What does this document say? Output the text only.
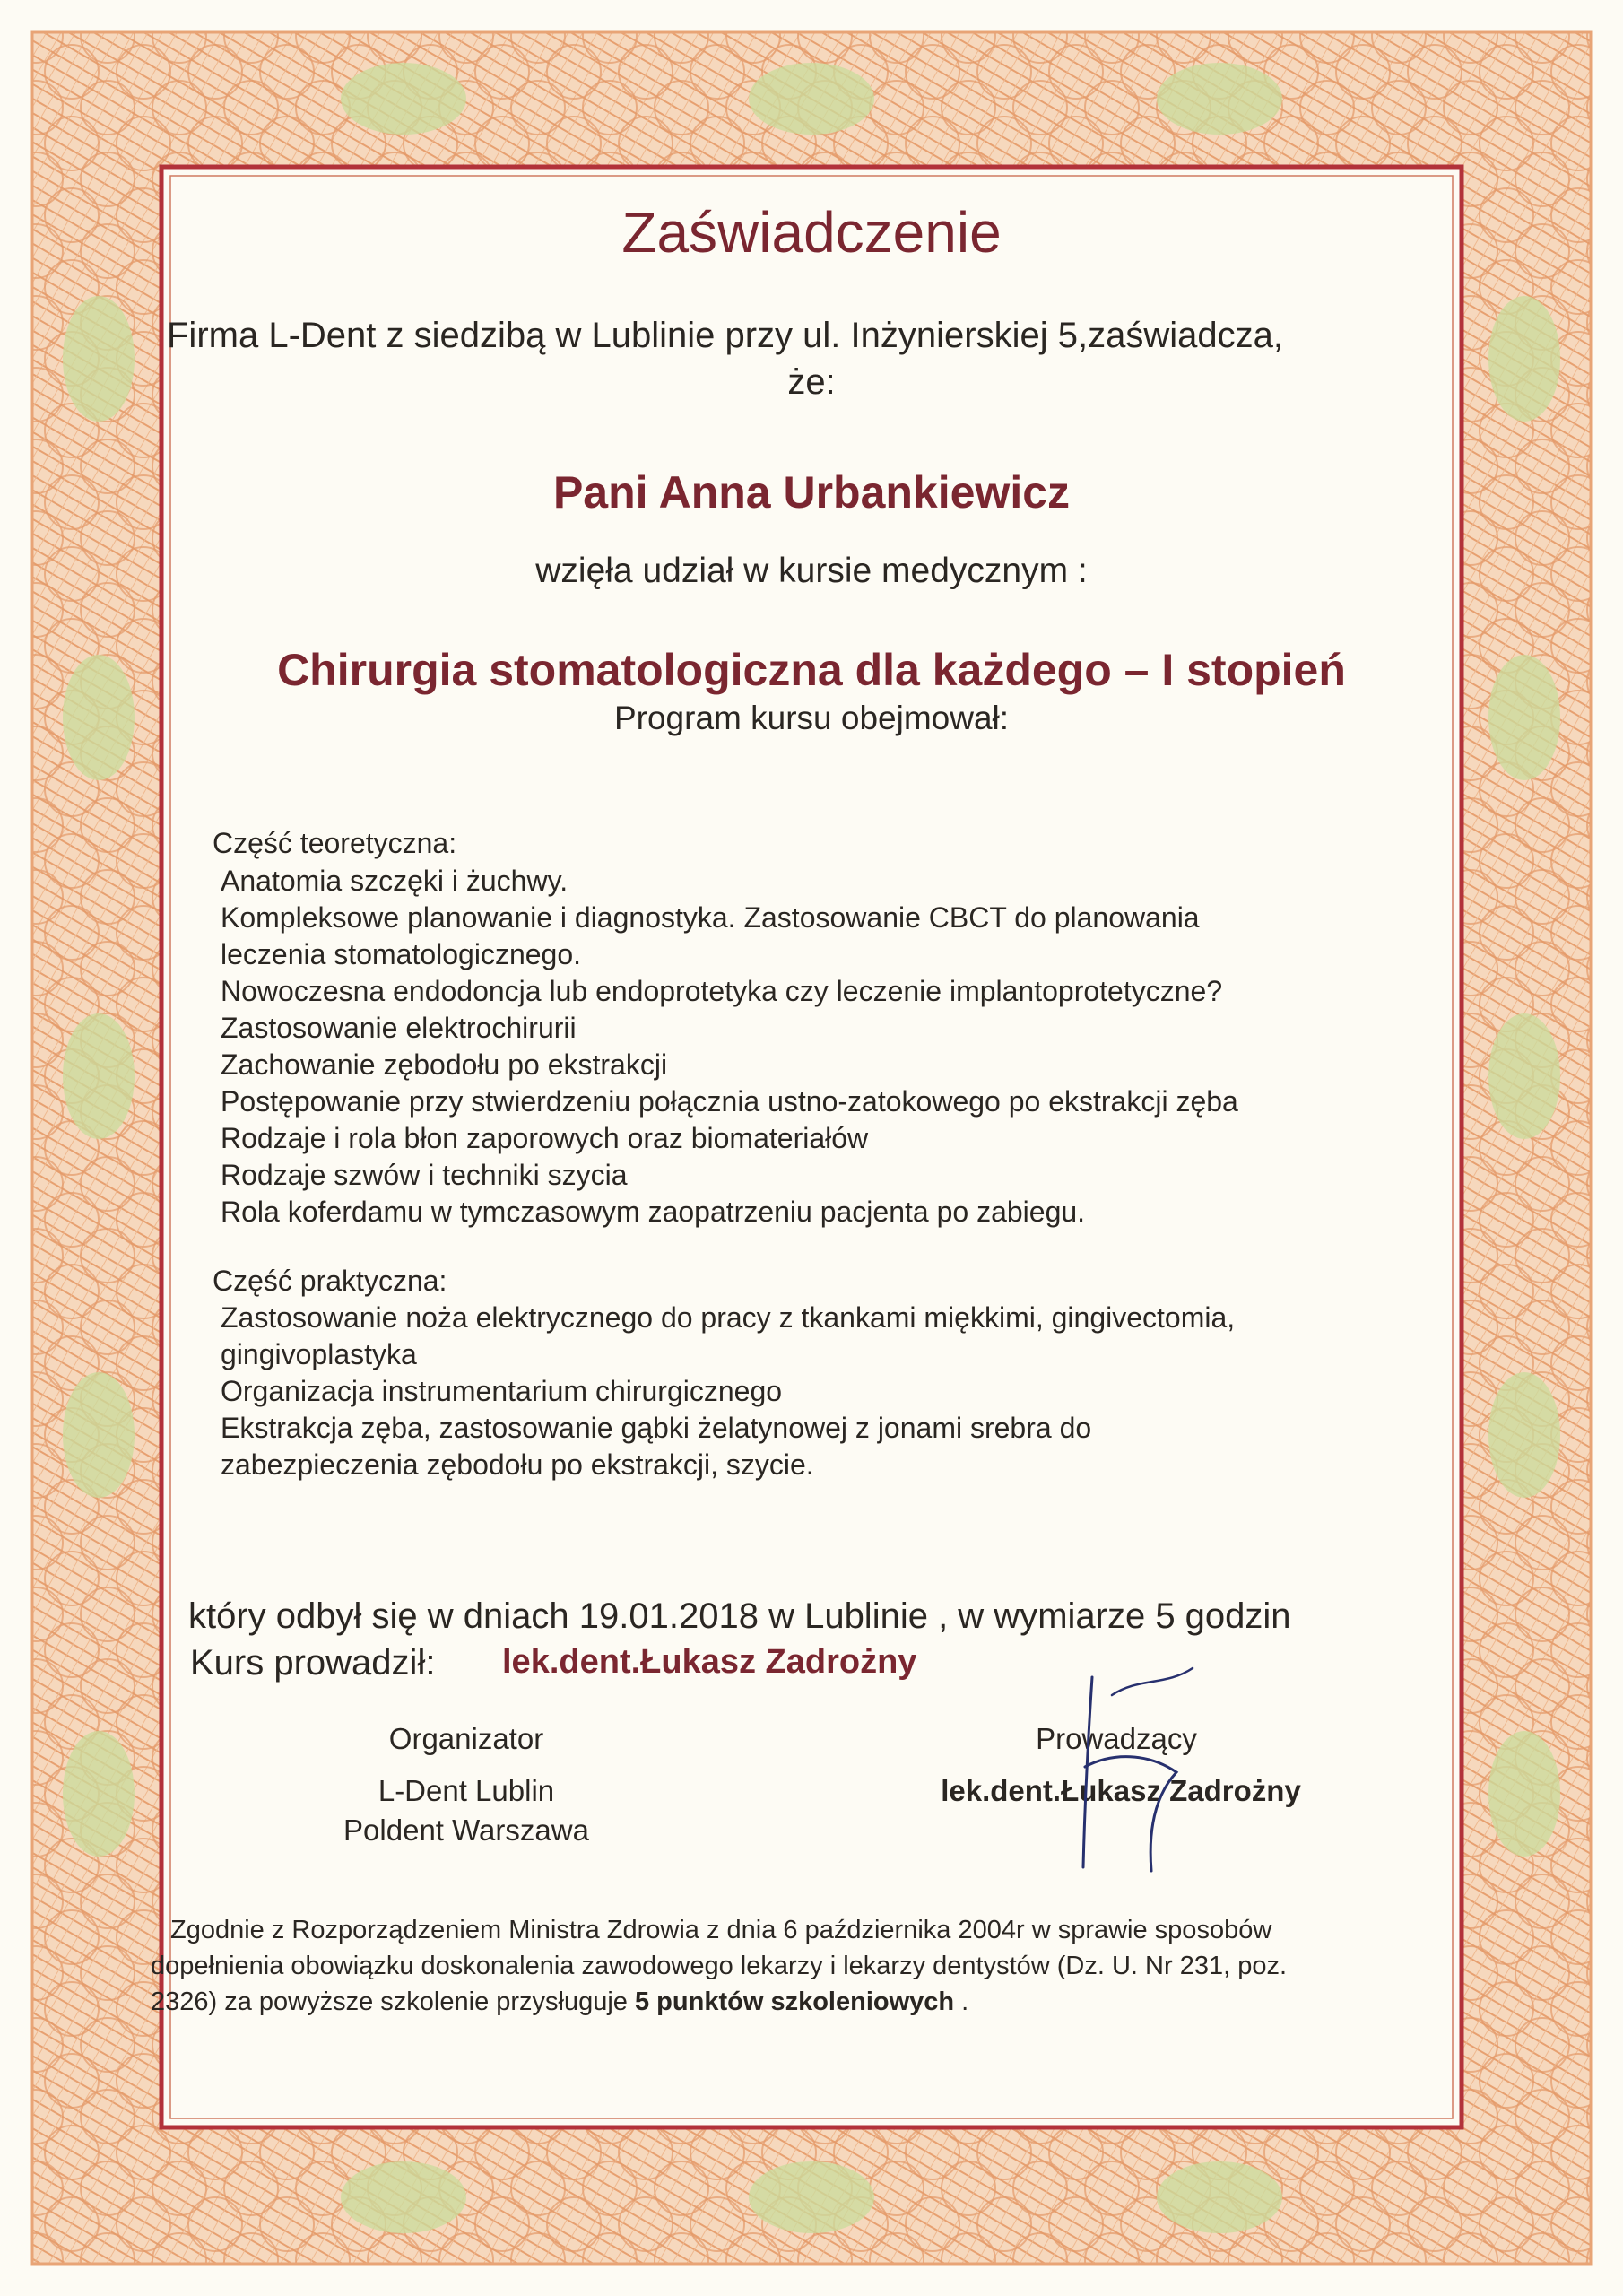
Zaświadczenie

Firma L-Dent z siedzibą w Lublinie przy ul. Inżynierskiej 5,zaświadcza,

że:

Pani Anna Urbankiewicz

wzięła udział w kursie medycznym :

Chirurgia stomatologiczna dla każdego – I stopień

Program kursu obejmował:

Część teoretyczna:

Anatomia szczęki i żuchwy.

Kompleksowe planowanie i diagnostyka. Zastosowanie CBCT do planowania

leczenia stomatologicznego.

Nowoczesna endodoncja lub endoprotetyka czy leczenie implantoprotetyczne?

Zastosowanie elektrochirurii

Zachowanie zębodołu po ekstrakcji

Postępowanie przy stwierdzeniu połącznia ustno-zatokowego po ekstrakcji zęba

Rodzaje i rola błon zaporowych oraz biomateriałów

Rodzaje szwów i techniki szycia

Rola koferdamu w tymczasowym zaopatrzeniu pacjenta po zabiegu.

Część praktyczna:

Zastosowanie noża elektrycznego do pracy z tkankami miękkimi, gingivectomia,

gingivoplastyka

Organizacja instrumentarium chirurgicznego

Ekstrakcja zęba, zastosowanie gąbki żelatynowej z jonami srebra do

zabezpieczenia zębodołu po ekstrakcji, szycie.

który odbył się w dniach 19.01.2018 w Lublinie , w wymiarze 5 godzin

Kurs prowadził: lek.dent.Łukasz Zadrożny

Organizator

L-Dent Lublin

Poldent Warszawa

Prowadzący

lek.dent.Łukasz Zadrożny

Zgodnie z Rozporządzeniem Ministra Zdrowia z dnia 6 października 2004r w sprawie sposobów

dopełnienia obowiązku doskonalenia zawodowego lekarzy i lekarzy dentystów (Dz. U. Nr 231, poz.

2326) za powyższe szkolenie przysługuje 5 punktów szkoleniowych .
